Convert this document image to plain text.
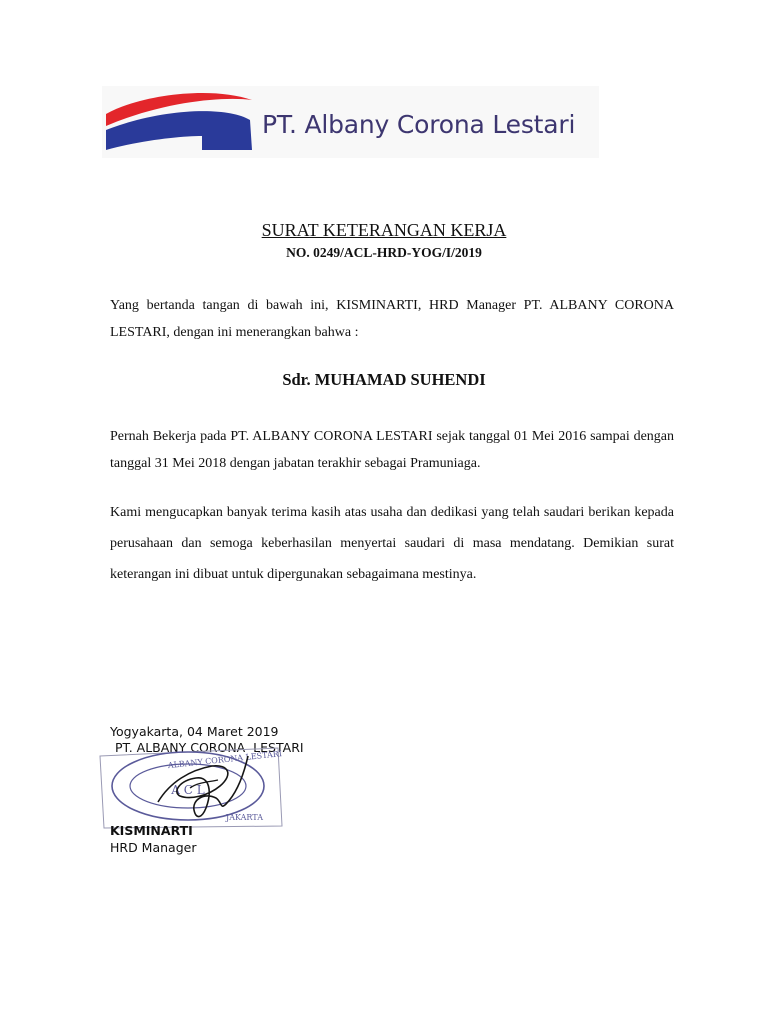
PT. Albany Corona Lestari
SURAT KETERANGAN KERJA
NO. 0249/ACL-HRD-YOG/I/2019

Yang bertanda tangan di bawah ini, KISMINARTI, HRD Manager PT. ALBANY CORONA LESTARI, dengan ini menerangkan bahwa :

Sdr. MUHAMAD SUHENDI

Pernah Bekerja pada PT. ALBANY CORONA LESTARI sejak tanggal 01 Mei 2016 sampai dengan tanggal 31 Mei 2018 dengan jabatan terakhir sebagai Pramuniaga.

Kami mengucapkan banyak terima kasih atas usaha dan dedikasi yang telah saudari berikan kepada perusahaan dan semoga keberhasilan menyertai saudari di masa mendatang. Demikian surat keterangan ini dibuat untuk dipergunakan sebagaimana mestinya.

Yogyakarta, 04 Maret 2019
PT. ALBANY CORONA  LESTARI
A C L
ALBANY CORONA LESTARI
JAKARTA
KISMINARTI
HRD Manager
